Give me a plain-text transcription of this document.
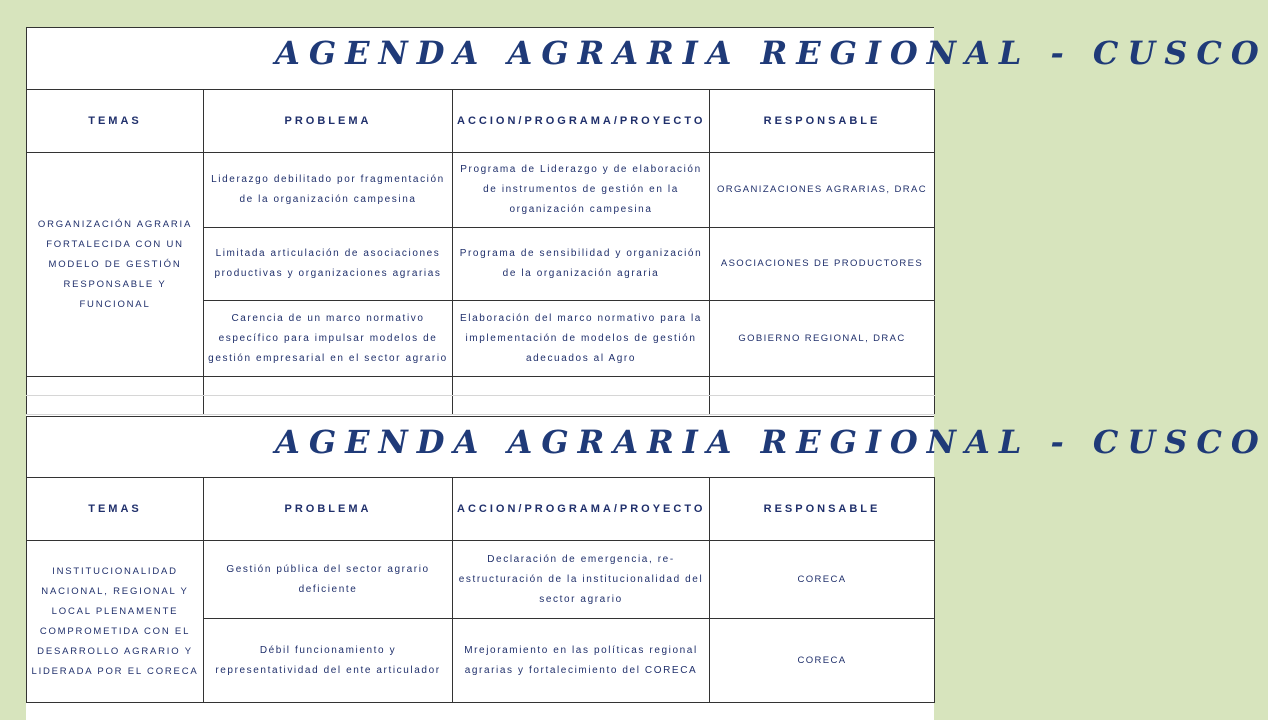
AGENDA AGRARIA REGIONAL - CUSCO
TEMAS	PROBLEMA	ACCION/PROGRAMA/PROYECTO	RESPONSABLE
ORGANIZACIÓN AGRARIA FORTALECIDA CON UN MODELO DE GESTIÓN RESPONSABLE Y FUNCIONAL	Liderazgo debilitado por fragmentación de la organización campesina	Programa de Liderazgo y de elaboración de instrumentos de gestión en la organización campesina	ORGANIZACIONES AGRARIAS, DRAC
	Limitada articulación de asociaciones productivas y organizaciones agrarias	Programa de sensibilidad y organización de la organización agraria	ASOCIACIONES DE PRODUCTORES
	Carencia de un marco normativo específico para impulsar modelos de gestión empresarial en el sector agrario	Elaboración del marco normativo para la implementación de modelos de gestión adecuados al Agro	GOBIERNO REGIONAL, DRAC

AGENDA AGRARIA REGIONAL - CUSCO
TEMAS	PROBLEMA	ACCION/PROGRAMA/PROYECTO	RESPONSABLE
INSTITUCIONALIDAD NACIONAL, REGIONAL Y LOCAL PLENAMENTE COMPROMETIDA CON EL DESARROLLO AGRARIO Y LIDERADA POR EL CORECA	Gestión pública del sector agrario deficiente	Declaración de emergencia, re-estructuración de la institucionalidad del sector agrario	CORECA
	Débil funcionamiento y representatividad del ente articulador	Mrejoramiento en las políticas regional agrarias y fortalecimiento del CORECA	CORECA
